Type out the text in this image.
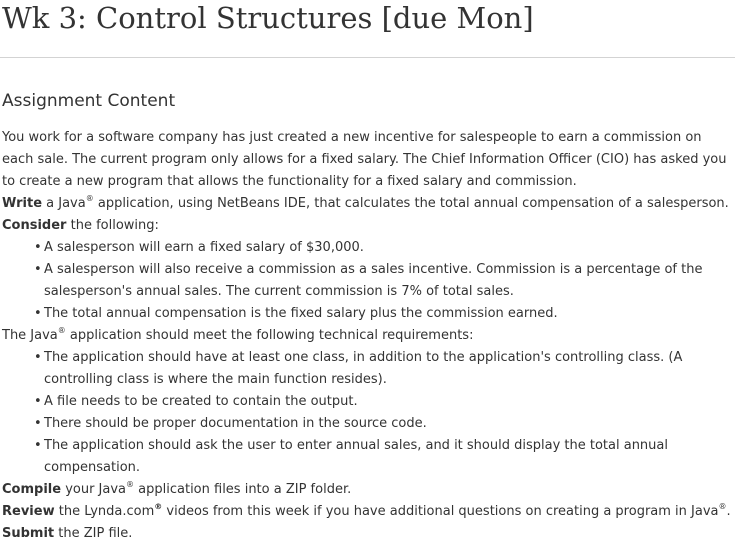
Wk 3: Control Structures [due Mon]
Assignment Content

You work for a software company has just created a new incentive for salespeople to earn a commission on

each sale. The current program only allows for a fixed salary. The Chief Information Officer (CIO) has asked you

to create a new program that allows the functionality for a fixed salary and commission.

Write a Java® application, using NetBeans IDE, that calculates the total annual compensation of a salesperson.

Consider the following:

• A salesperson will earn a fixed salary of $30,000.
• A salesperson will also receive a commission as a sales incentive. Commission is a percentage of the
salesperson's annual sales. The current commission is 7% of total sales.
• The total annual compensation is the fixed salary plus the commission earned.

The Java® application should meet the following technical requirements:

• The application should have at least one class, in addition to the application's controlling class. (A
controlling class is where the main function resides).
• A file needs to be created to contain the output.
• There should be proper documentation in the source code.
• The application should ask the user to enter annual sales, and it should display the total annual
compensation.

Compile your Java® application files into a ZIP folder.

Review the Lynda.com® videos from this week if you have additional questions on creating a program in Java®.

Submit the ZIP file.
